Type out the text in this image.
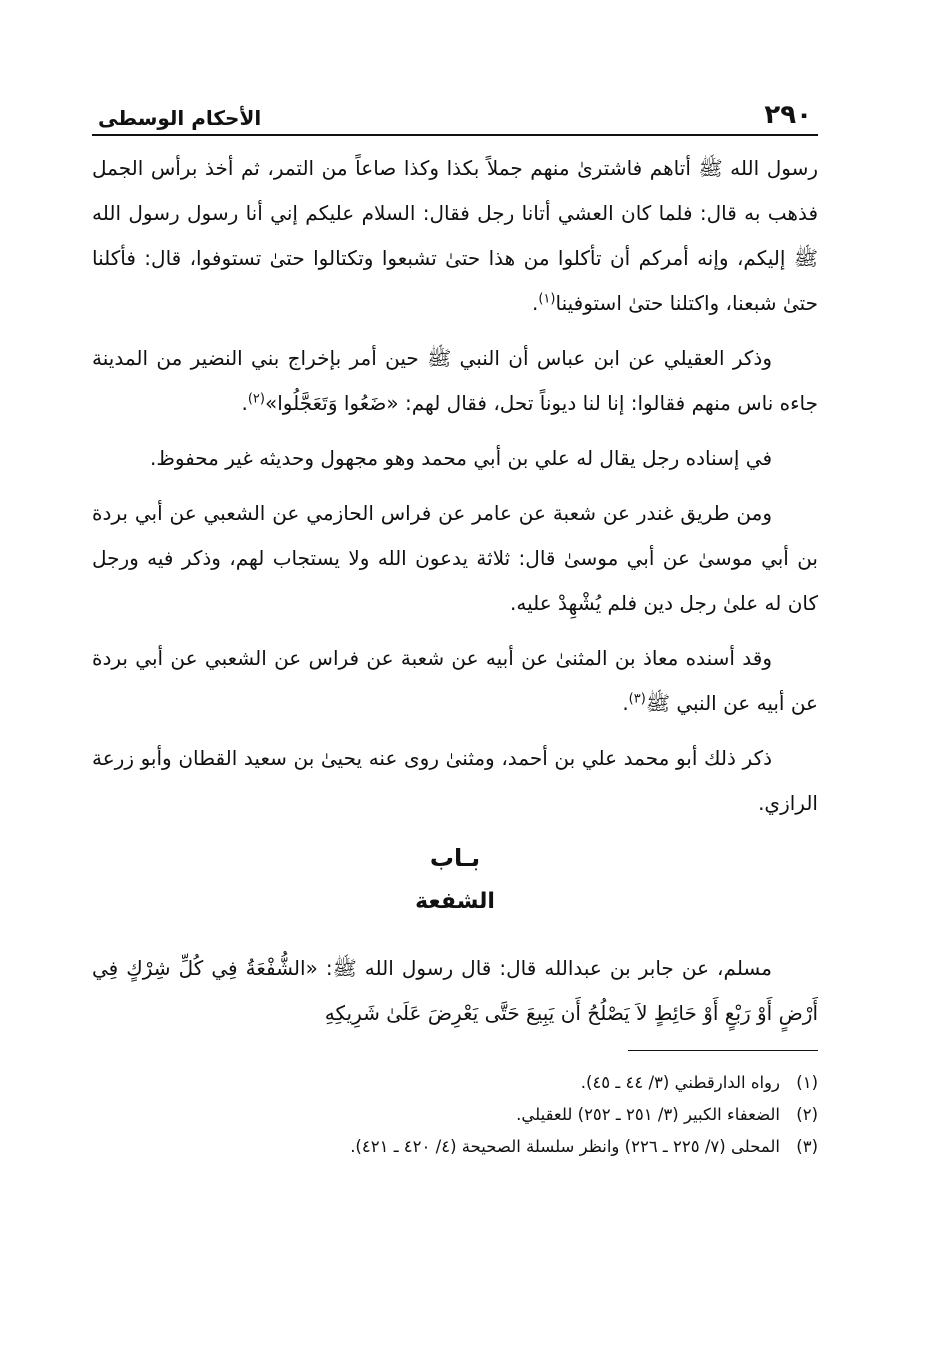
٢٩٠
الأحكام الوسطى

رسول الله ﷺ أتاهم فاشترىٰ منهم جملاً بكذا وكذا صاعاً من التمر، ثم أخذ برأس الجمل فذهب به قال: فلما كان العشي أتانا رجل فقال: السلام عليكم إني أنا رسول رسول الله ﷺ إليكم، وإنه أمركم أن تأكلوا من هذا حتىٰ تشبعوا وتكتالوا حتىٰ تستوفوا، قال: فأكلنا حتىٰ شبعنا، واكتلنا حتىٰ استوفينا$^{(١)}$.

وذكر العقيلي عن ابن عباس أن النبي ﷺ حين أمر بإخراج بني النضير من المدينة جاءه ناس منهم فقالوا: إنا لنا ديوناً تحل، فقال لهم: «ضَعُوا وَتَعَجَّلُوا»$^{(٢)}$.

في إسناده رجل يقال له علي بن أبي محمد وهو مجهول وحديثه غير محفوظ.

ومن طريق غندر عن شعبة عن عامر عن فراس الحازمي عن الشعبي عن أبي بردة بن أبي موسىٰ عن أبي موسىٰ قال: ثلاثة يدعون الله ولا يستجاب لهم، وذكر فيه ورجل كان له علىٰ رجل دين فلم يُشْهِدْ عليه.

وقد أسنده معاذ بن المثنىٰ عن أبيه عن شعبة عن فراس عن الشعبي عن أبي بردة عن أبيه عن النبي ﷺ$^{(٣)}$.

ذكر ذلك أبو محمد علي بن أحمد، ومثنىٰ روى عنه يحيىٰ بن سعيد القطان وأبو زرعة الرازي.

بـاب
الشفعة

مسلم، عن جابر بن عبدالله قال: قال رسول الله ﷺ: «الشُّفْعَةُ فِي كُلِّ شِرْكٍ فِي أَرْضٍ أَوْ رَبْعٍ أَوْ حَائِطٍ لاَ يَصْلُحُ أَن يَبِيعَ حَتَّى يَعْرِضَ عَلَىٰ شَرِيكِهِ

(١)
رواه الدارقطني (٣/ ٤٤ ـ ٤٥).
(٢)
الضعفاء الكبير (٣/ ٢٥١ ـ ٢٥٢) للعقيلي.
(٣)
المحلى (٧/ ٢٢٥ ـ ٢٢٦) وانظر سلسلة الصحيحة (٤/ ٤٢٠ ـ ٤٢١).
